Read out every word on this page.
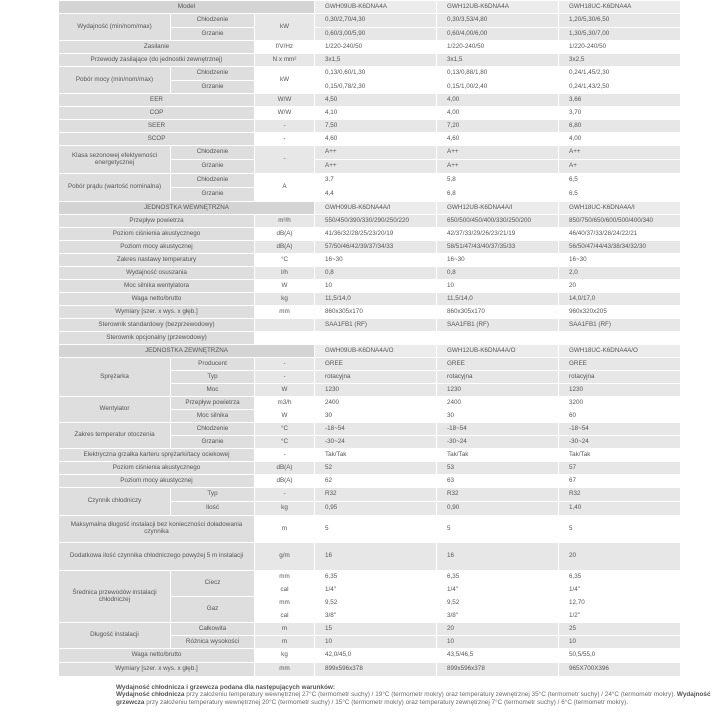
Model			GWH09UB-K6DNA4A	GWH12UB-K6DNA4A	GWH18UC-K6DNA4A
Wydajność (min/nom/max)	Chłodzenie	kW	0,30/2,70/4,30	0,30/3,53/4,80	1,20/5,30/6,50
	Grzanie		0,60/3,00/5,90	0,60/4,00/6,00	1,30/5,30/7,00
Zasilanie		f/V/Hz	1/220-240/50	1/220-240/50	1/220-240/50
Przewody zasilające (do jednostki zewnętrznej)		N x mm²	3x1,5	3x1,5	3x2,5
Pobór mocy (min/nom/max)	Chłodzenie	kW	0,13/0,60/1,30	0,13/0,88/1,80	0,24/1,45/2,30
	Grzanie		0,15/0,78/2,30	0,15/1,00/2,40	0,24/1,43/2,50
EER		W/W	4,50	4,00	3,66
COP		W/W	4,10	4,00	3,70
SEER		-	7,50	7,20	6,80
SCOP		-	4,60	4,60	4,00
Klasa sezonowej efektywności energetycznej	Chłodzenie	-	A++	A++	A++
	Grzanie		A++	A++	A+
Pobór prądu (wartość nominalna)	Chłodzenie	A	3,7	5,8	6,5
	Grzanie		4,4	6,8	6,5
JEDNOSTKA WEWNĘTRZNA			GWH09UB-K6DNA4A/I	GWH12UB-K6DNA4A/I	GWH18UC-K6DNA4A/I
Przepływ powietrza		m³/h	550/450/390/330/290/250/220	650/500/450/400/330/250/200	850/750/650/600/500/400/340
Poziom ciśnienia akustycznego		dB(A)	41/36/32/28/25/23/20/19	42/37/33/29/26/23/21/19	46/40/37/33/28/24/22/21
Poziom mocy akustycznej		dB(A)	57/50/46/42/39/37/34/33	58/51/47/43/40/37/35/33	56/50/47/44/43/38/34/32/30
Zakres nastawy temperatury		°C	16~30	16~30	16~30
Wydajność osuszania		l/h	0,8	0,8	2,0
Moc silnika wentylatora		W	10	10	20
Waga netto/brutto		kg	11,5/14,0	11,5/14,0	14,0/17,0
Wymiary [szer. x wys. x głęb.]		mm	860x305x170	860x305x170	960x320x205
Sterownik standardowy (bezprzewodowy)			SAA1FB1 (RF)	SAA1FB1 (RF)	SAA1FB1 (RF)
Sterownik opcjonalny (przewodowy)					
JEDNOSTKA ZEWNĘTRZNA			GWH09UB-K6DNA4A/O	GWH12UB-K6DNA4A/O	GWH18UC-K6DNA4A/O
Sprężarka	Producent	-	GREE	GREE	GREE
	Typ	-	rotacyjna	rotacyjna	rotacyjna
	Moc	W	1230	1230	1230
Wentylator	Przepływ powietrza	m3/h	2400	2400	3200
	Moc silnika	W	30	30	60
Zakres temperatur otoczenia	Chłodzenie	°C	-18~54	-18~54	-18~54
	Grzanie	°C	-30~24	-30~24	-30~24
Elektryczna grzałka karteru sprężarki/tacy ociekowej		-	Tak/Tak	Tak/Tak	Tak/Tak
Poziom ciśnienia akustycznego		dB(A)	52	53	57
Poziom mocy akustycznej		dB(A)	62	63	67
Czynnik chłodniczy	Typ	-	R32	R32	R32
	Ilość	kg	0,95	0,90	1,40
Maksymalna długość instalacji bez konieczności doładowania czynnika		m	5	5	5
Dodatkowa ilość czynnika chłodniczego powyżej 5 m instalacji		g/m	16	16	20
Średnica przewodów instalacji chłodniczej	Ciecz	mm	6,35	6,35	6,35
		cal	1/4"	1/4"	1/4"
	Gaz	mm	9,52	9,52	12,70
		cal	3/8"	3/8"	1/2"
Długość instalacji	Całkowita	m	15	20	25
	Różnica wysokości	m	10	10	10
Waga netto/brutto		kg	42,0/45,0	43,5/46,5	50,5/55,0
Wymiary [szer. x wys. x głęb.]		mm	899x596x378	899x596x378	965X700X396
Wydajność chłodnicza i grzewcza podana dla następujących warunków:
Wydajność chłodnicza przy założeniu temperatury wewnętrznej 27°C (termometr suchy) / 19°C (termometr mokry) oraz temperatury zewnętrznej 35°C (termometr suchy) / 24°C (termometr mokry). Wydajność grzewcza przy założeniu temperatury wewnętrznej 20°C (termometr suchy) / 15°C (termometr mokry) oraz temperatury zewnętrznej 7°C (termometr suchy) / 6°C (termometr mokry).
